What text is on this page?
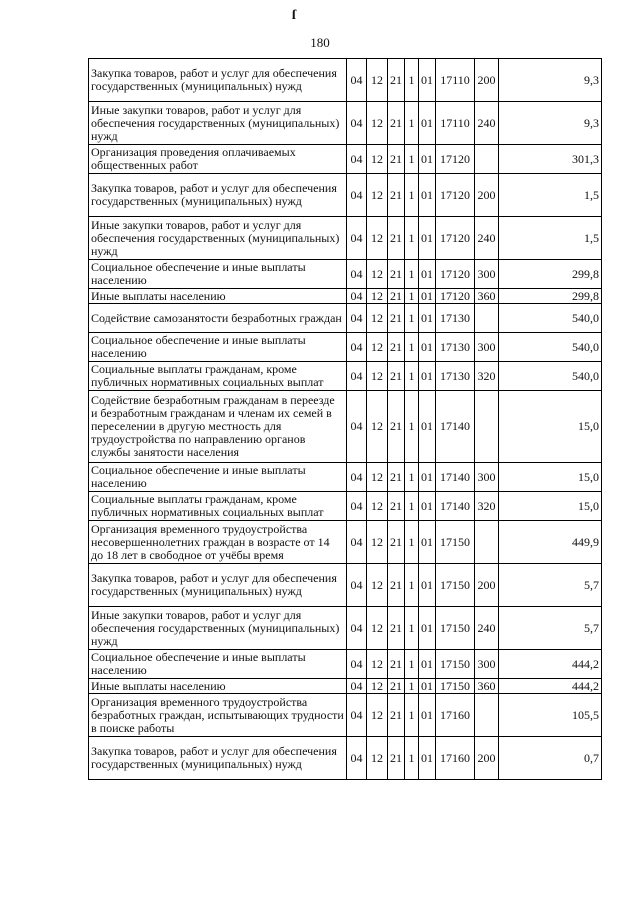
ſ
180
Закупка товаров, работ и услуг для обеспечения государственных (муниципальных) нужд	04	12	21	1	01	17110	200	9,3
Иные закупки товаров, работ и услуг для обеспечения государственных (муниципальных) нужд	04	12	21	1	01	17110	240	9,3
Организация проведения оплачиваемых общественных работ	04	12	21	1	01	17120		301,3
Закупка товаров, работ и услуг для обеспечения государственных (муниципальных) нужд	04	12	21	1	01	17120	200	1,5
Иные закупки товаров, работ и услуг для обеспечения государственных (муниципальных) нужд	04	12	21	1	01	17120	240	1,5
Социальное обеспечение и иные выплаты населению	04	12	21	1	01	17120	300	299,8
Иные выплаты населению	04	12	21	1	01	17120	360	299,8
Содействие самозанятости безработных граждан	04	12	21	1	01	17130		540,0
Социальное обеспечение и иные выплаты населению	04	12	21	1	01	17130	300	540,0
Социальные выплаты гражданам, кроме публичных нормативных социальных выплат	04	12	21	1	01	17130	320	540,0
Содействие безработным гражданам в переезде и безработным гражданам и членам их семей в переселении в другую местность для трудоустройства по направлению органов службы занятости населения	04	12	21	1	01	17140		15,0
Социальное обеспечение и иные выплаты населению	04	12	21	1	01	17140	300	15,0
Социальные выплаты гражданам, кроме публичных нормативных социальных выплат	04	12	21	1	01	17140	320	15,0
Организация временного трудоустройства несовершеннолетних граждан в возрасте от 14 до 18 лет в свободное от учёбы время	04	12	21	1	01	17150		449,9
Закупка товаров, работ и услуг для обеспечения государственных (муниципальных) нужд	04	12	21	1	01	17150	200	5,7
Иные закупки товаров, работ и услуг для обеспечения государственных (муниципальных) нужд	04	12	21	1	01	17150	240	5,7
Социальное обеспечение и иные выплаты населению	04	12	21	1	01	17150	300	444,2
Иные выплаты населению	04	12	21	1	01	17150	360	444,2
Организация временного трудоустройства безработных граждан, испытывающих трудности в поиске работы	04	12	21	1	01	17160		105,5
Закупка товаров, работ и услуг для обеспечения государственных (муниципальных) нужд	04	12	21	1	01	17160	200	0,7
